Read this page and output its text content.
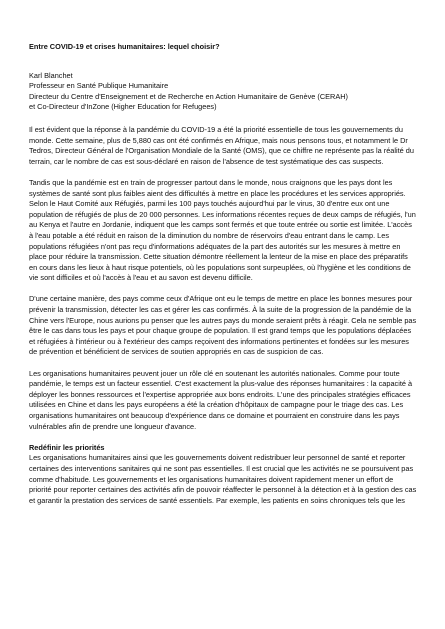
Entre COVID-19 et crises humanitaires: lequel choisir?

Karl Blanchet

Professeur en Santé Publique Humanitaire

Directeur du Centre d'Enseignement et de Recherche en Action Humanitaire de Genève (CERAH)

et Co-Directeur d'InZone (Higher Education for Refugees)

Il est évident que la réponse à la pandémie du COVID-19 a été la priorité essentielle de tous les gouvernements du monde. Cette semaine, plus de 5,880 cas ont été confirmés en Afrique, mais nous pensons tous, et notamment le Dr Tedros, Directeur Général de l'Organisation Mondiale de la Santé (OMS), que ce chiffre ne représente pas la réalité du terrain, car le nombre de cas est sous-déclaré en raison de l'absence de test systématique des cas suspects.

Tandis que la pandémie est en train de progresser partout dans le monde, nous craignons que les pays dont les systèmes de santé sont plus faibles aient des difficultés à mettre en place les procédures et les services appropriés. Selon le Haut Comité aux Réfugiés, parmi les 100 pays touchés aujourd'hui par le virus, 30 d'entre eux ont une population de réfugiés de plus de 20 000 personnes. Les informations récentes reçues de deux camps de réfugiés, l'un au Kenya et l'autre en Jordanie, indiquent que les camps sont fermés et que toute entrée ou sortie est limitée. L'accès à l'eau potable a été réduit en raison de la diminution du nombre de réservoirs d'eau entrant dans le camp. Les populations réfugiées n'ont pas reçu d'informations adéquates de la part des autorités sur les mesures à mettre en place pour réduire la transmission. Cette situation démontre réellement la lenteur de la mise en place des préparatifs en cours dans les lieux à haut risque potentiels, où les populations sont surpeuplées, où l'hygiène et les conditions de vie sont difficiles et où l'accès à l'eau et au savon est devenu difficile.

D'une certaine manière, des pays comme ceux d'Afrique ont eu le temps de mettre en place les bonnes mesures pour prévenir la transmission, détecter les cas et gérer les cas confirmés. À la suite de la progression de la pandémie de la Chine vers l'Europe, nous aurions pu penser que les autres pays du monde seraient prêts à réagir. Cela ne semble pas être le cas dans tous les pays et pour chaque groupe de population. Il est grand temps que les populations déplacées et réfugiées à l'intérieur ou à l'extérieur des camps reçoivent des informations pertinentes et fondées sur les mesures de prévention et bénéficient de services de soutien appropriés en cas de suspicion de cas.

Les organisations humanitaires peuvent jouer un rôle clé en soutenant les autorités nationales. Comme pour toute pandémie, le temps est un facteur essentiel. C'est exactement la plus-value des réponses humanitaires : la capacité à déployer les bonnes ressources et l'expertise appropriée aux bons endroits. L'une des principales stratégies efficaces utilisées en Chine et dans les pays européens a été la création d'hôpitaux de campagne pour le triage des cas. Les organisations humanitaires ont beaucoup d'expérience dans ce domaine et pourraient en construire dans les pays vulnérables afin de prendre une longueur d'avance.

Redéfinir les priorités

Les organisations humanitaires ainsi que les gouvernements doivent redistribuer leur personnel de santé et reporter certaines des interventions sanitaires qui ne sont pas essentielles. Il est crucial que les activités ne se poursuivent pas comme d'habitude. Les gouvernements et les organisations humanitaires doivent rapidement mener un effort de priorité pour reporter certaines des activités afin de pouvoir réaffecter le personnel à la détection et à la gestion des cas et garantir la prestation des services de santé essentiels. Par exemple, les patients en soins chroniques tels que les
